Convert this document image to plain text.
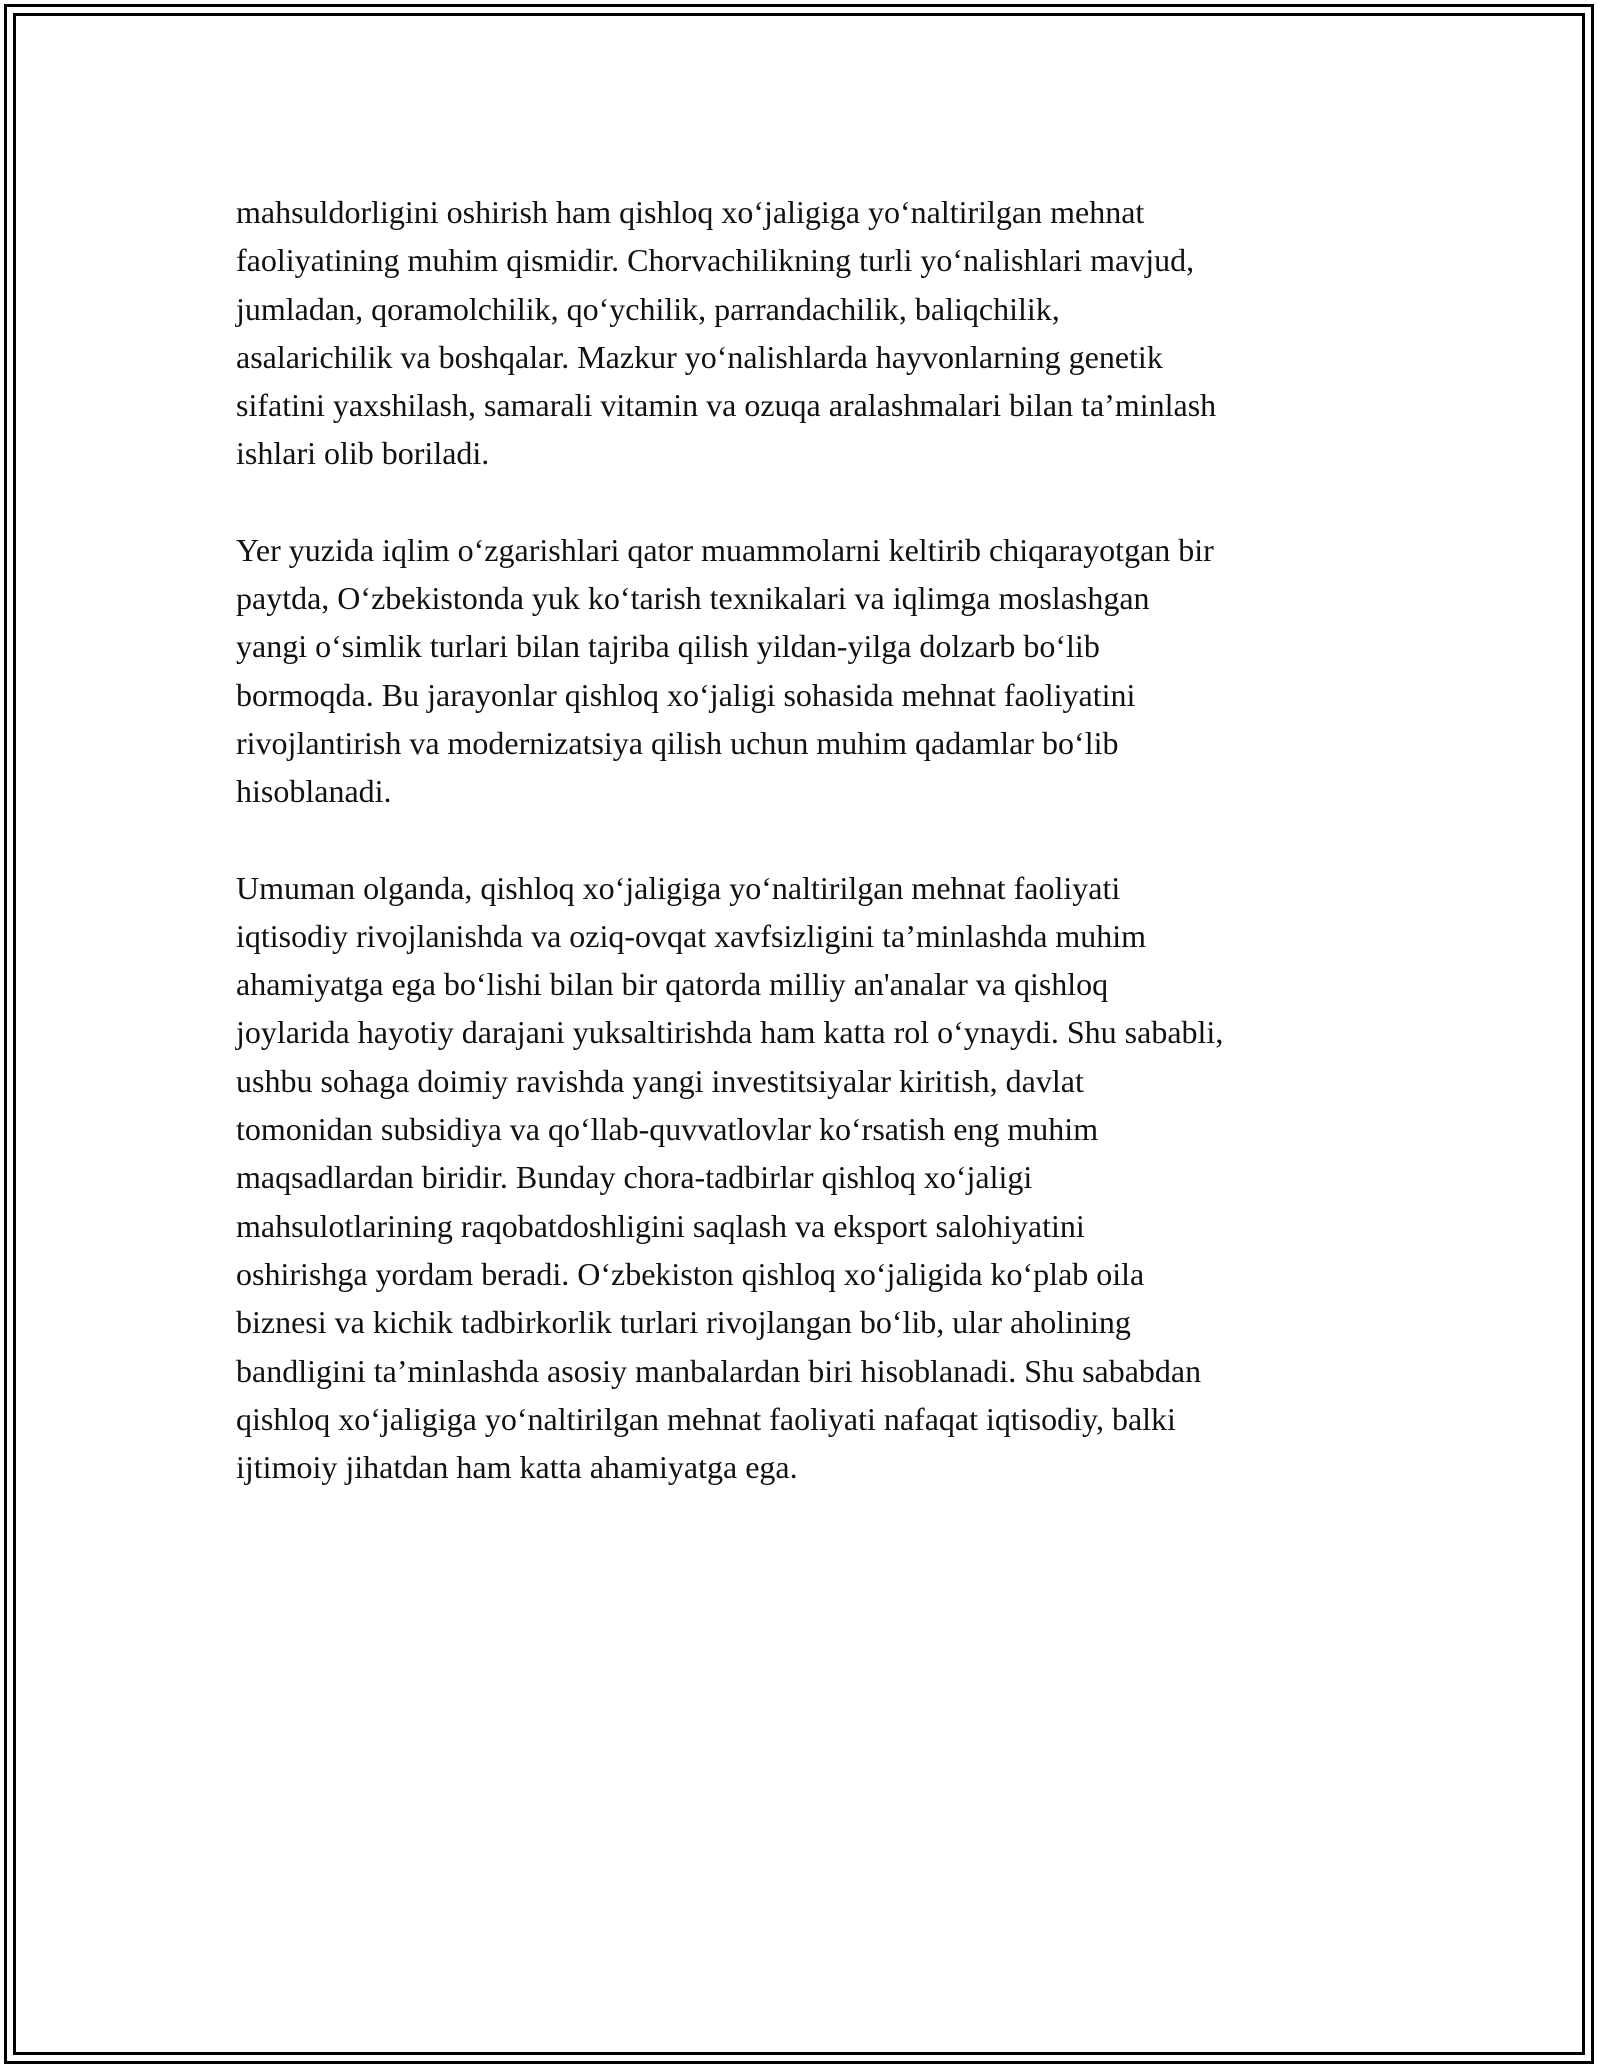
mahsuldorligini oshirish ham qishloq xo‘jaligiga yo‘naltirilgan mehnat
faoliyatining muhim qismidir. Chorvachilikning turli yo‘nalishlari mavjud,
jumladan, qoramolchilik, qo‘ychilik, parrandachilik, baliqchilik,
asalarichilik va boshqalar. Mazkur yo‘nalishlarda hayvonlarning genetik
sifatini yaxshilash, samarali vitamin va ozuqa aralashmalari bilan ta’minlash
ishlari olib boriladi.

Yer yuzida iqlim o‘zgarishlari qator muammolarni keltirib chiqarayotgan bir
paytda, O‘zbekistonda yuk ko‘tarish texnikalari va iqlimga moslashgan
yangi o‘simlik turlari bilan tajriba qilish yildan-yilga dolzarb bo‘lib
bormoqda. Bu jarayonlar qishloq xo‘jaligi sohasida mehnat faoliyatini
rivojlantirish va modernizatsiya qilish uchun muhim qadamlar bo‘lib
hisoblanadi.

Umuman olganda, qishloq xo‘jaligiga yo‘naltirilgan mehnat faoliyati
iqtisodiy rivojlanishda va oziq-ovqat xavfsizligini ta’minlashda muhim
ahamiyatga ega bo‘lishi bilan bir qatorda milliy an'analar va qishloq
joylarida hayotiy darajani yuksaltirishda ham katta rol o‘ynaydi. Shu sababli,
ushbu sohaga doimiy ravishda yangi investitsiyalar kiritish, davlat
tomonidan subsidiya va qo‘llab-quvvatlovlar ko‘rsatish eng muhim
maqsadlardan biridir. Bunday chora-tadbirlar qishloq xo‘jaligi
mahsulotlarining raqobatdoshligini saqlash va eksport salohiyatini
oshirishga yordam beradi. O‘zbekiston qishloq xo‘jaligida ko‘plab oila
biznesi va kichik tadbirkorlik turlari rivojlangan bo‘lib, ular aholining
bandligini ta’minlashda asosiy manbalardan biri hisoblanadi. Shu sababdan
qishloq xo‘jaligiga yo‘naltirilgan mehnat faoliyati nafaqat iqtisodiy, balki
ijtimoiy jihatdan ham katta ahamiyatga ega.
